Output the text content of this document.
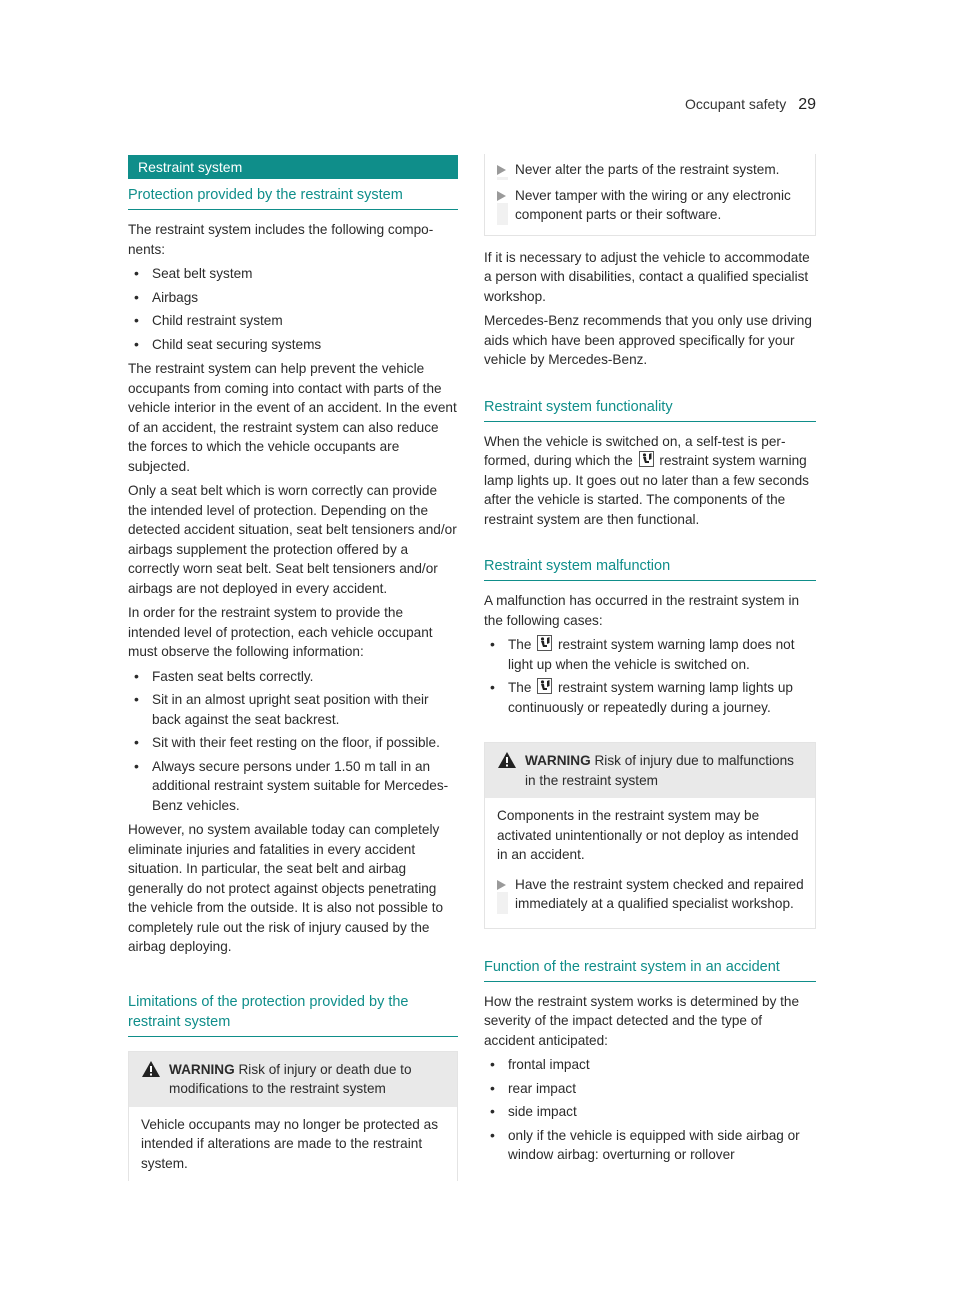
Occupant safety 29
Restraint system
Protection provided by the restraint system

The restraint system includes the following components:

• Seat belt system
• Airbags
• Child restraint system
• Child seat securing systems

The restraint system can help prevent the vehicle occupants from coming into contact with parts of the vehicle interior in the event of an accident. In the event of an accident, the restraint system can also reduce the forces to which the vehicle occupants are subjected.

Only a seat belt which is worn correctly can provide the intended level of protection. Depending on the detected accident situation, seat belt tensioners and/or airbags supplement the protection offered by a correctly worn seat belt. Seat belt tensioners and/or airbags are not deployed in every accident.

In order for the restraint system to provide the intended level of protection, each vehicle occupant must observe the following information:

• Fasten seat belts correctly.
• Sit in an almost upright seat position with their back against the seat backrest.
• Sit with their feet resting on the floor, if possible.
• Always secure persons under 1.50 m tall in an additional restraint system suitable for Mercedes-Benz vehicles.

However, no system available today can completely eliminate injuries and fatalities in every accident situation. In particular, the seat belt and airbag generally do not protect against objects penetrating the vehicle from the outside. It is also not possible to completely rule out the risk of injury caused by the airbag deploying.

Limitations of the protection provided by the
restraint system
WARNING Risk of injury or death due to modifications to the restraint system
Vehicle occupants may no longer be protected as intended if alterations are made to the restraint system.
Never alter the parts of the restraint system.
Never tamper with the wiring or any electronic component parts or their software.

If it is necessary to adjust the vehicle to accommodate a person with disabilities, contact a qualified specialist workshop.

Mercedes-Benz recommends that you only use driving aids which have been approved specifically for your vehicle by Mercedes-Benz.

Restraint system functionality

When the vehicle is switched on, a self-test is performed, during which the restraint system warning lamp lights up. It goes out no later than a few seconds after the vehicle is started. The components of the restraint system are then functional.

Restraint system malfunction

A malfunction has occurred in the restraint system in the following cases:

• The restraint system warning lamp does not light up when the vehicle is switched on.
• The restraint system warning lamp lights up continuously or repeatedly during a journey.
WARNING Risk of injury due to malfunctions in the restraint system

Components in the restraint system may be activated unintentionally or not deploy as intended in an accident.

Have the restraint system checked and repaired immediately at a qualified specialist workshop.
Function of the restraint system in an accident

How the restraint system works is determined by the severity of the impact detected and the type of accident anticipated:

• frontal impact
• rear impact
• side impact
• only if the vehicle is equipped with side airbag or window airbag: overturning or rollover
